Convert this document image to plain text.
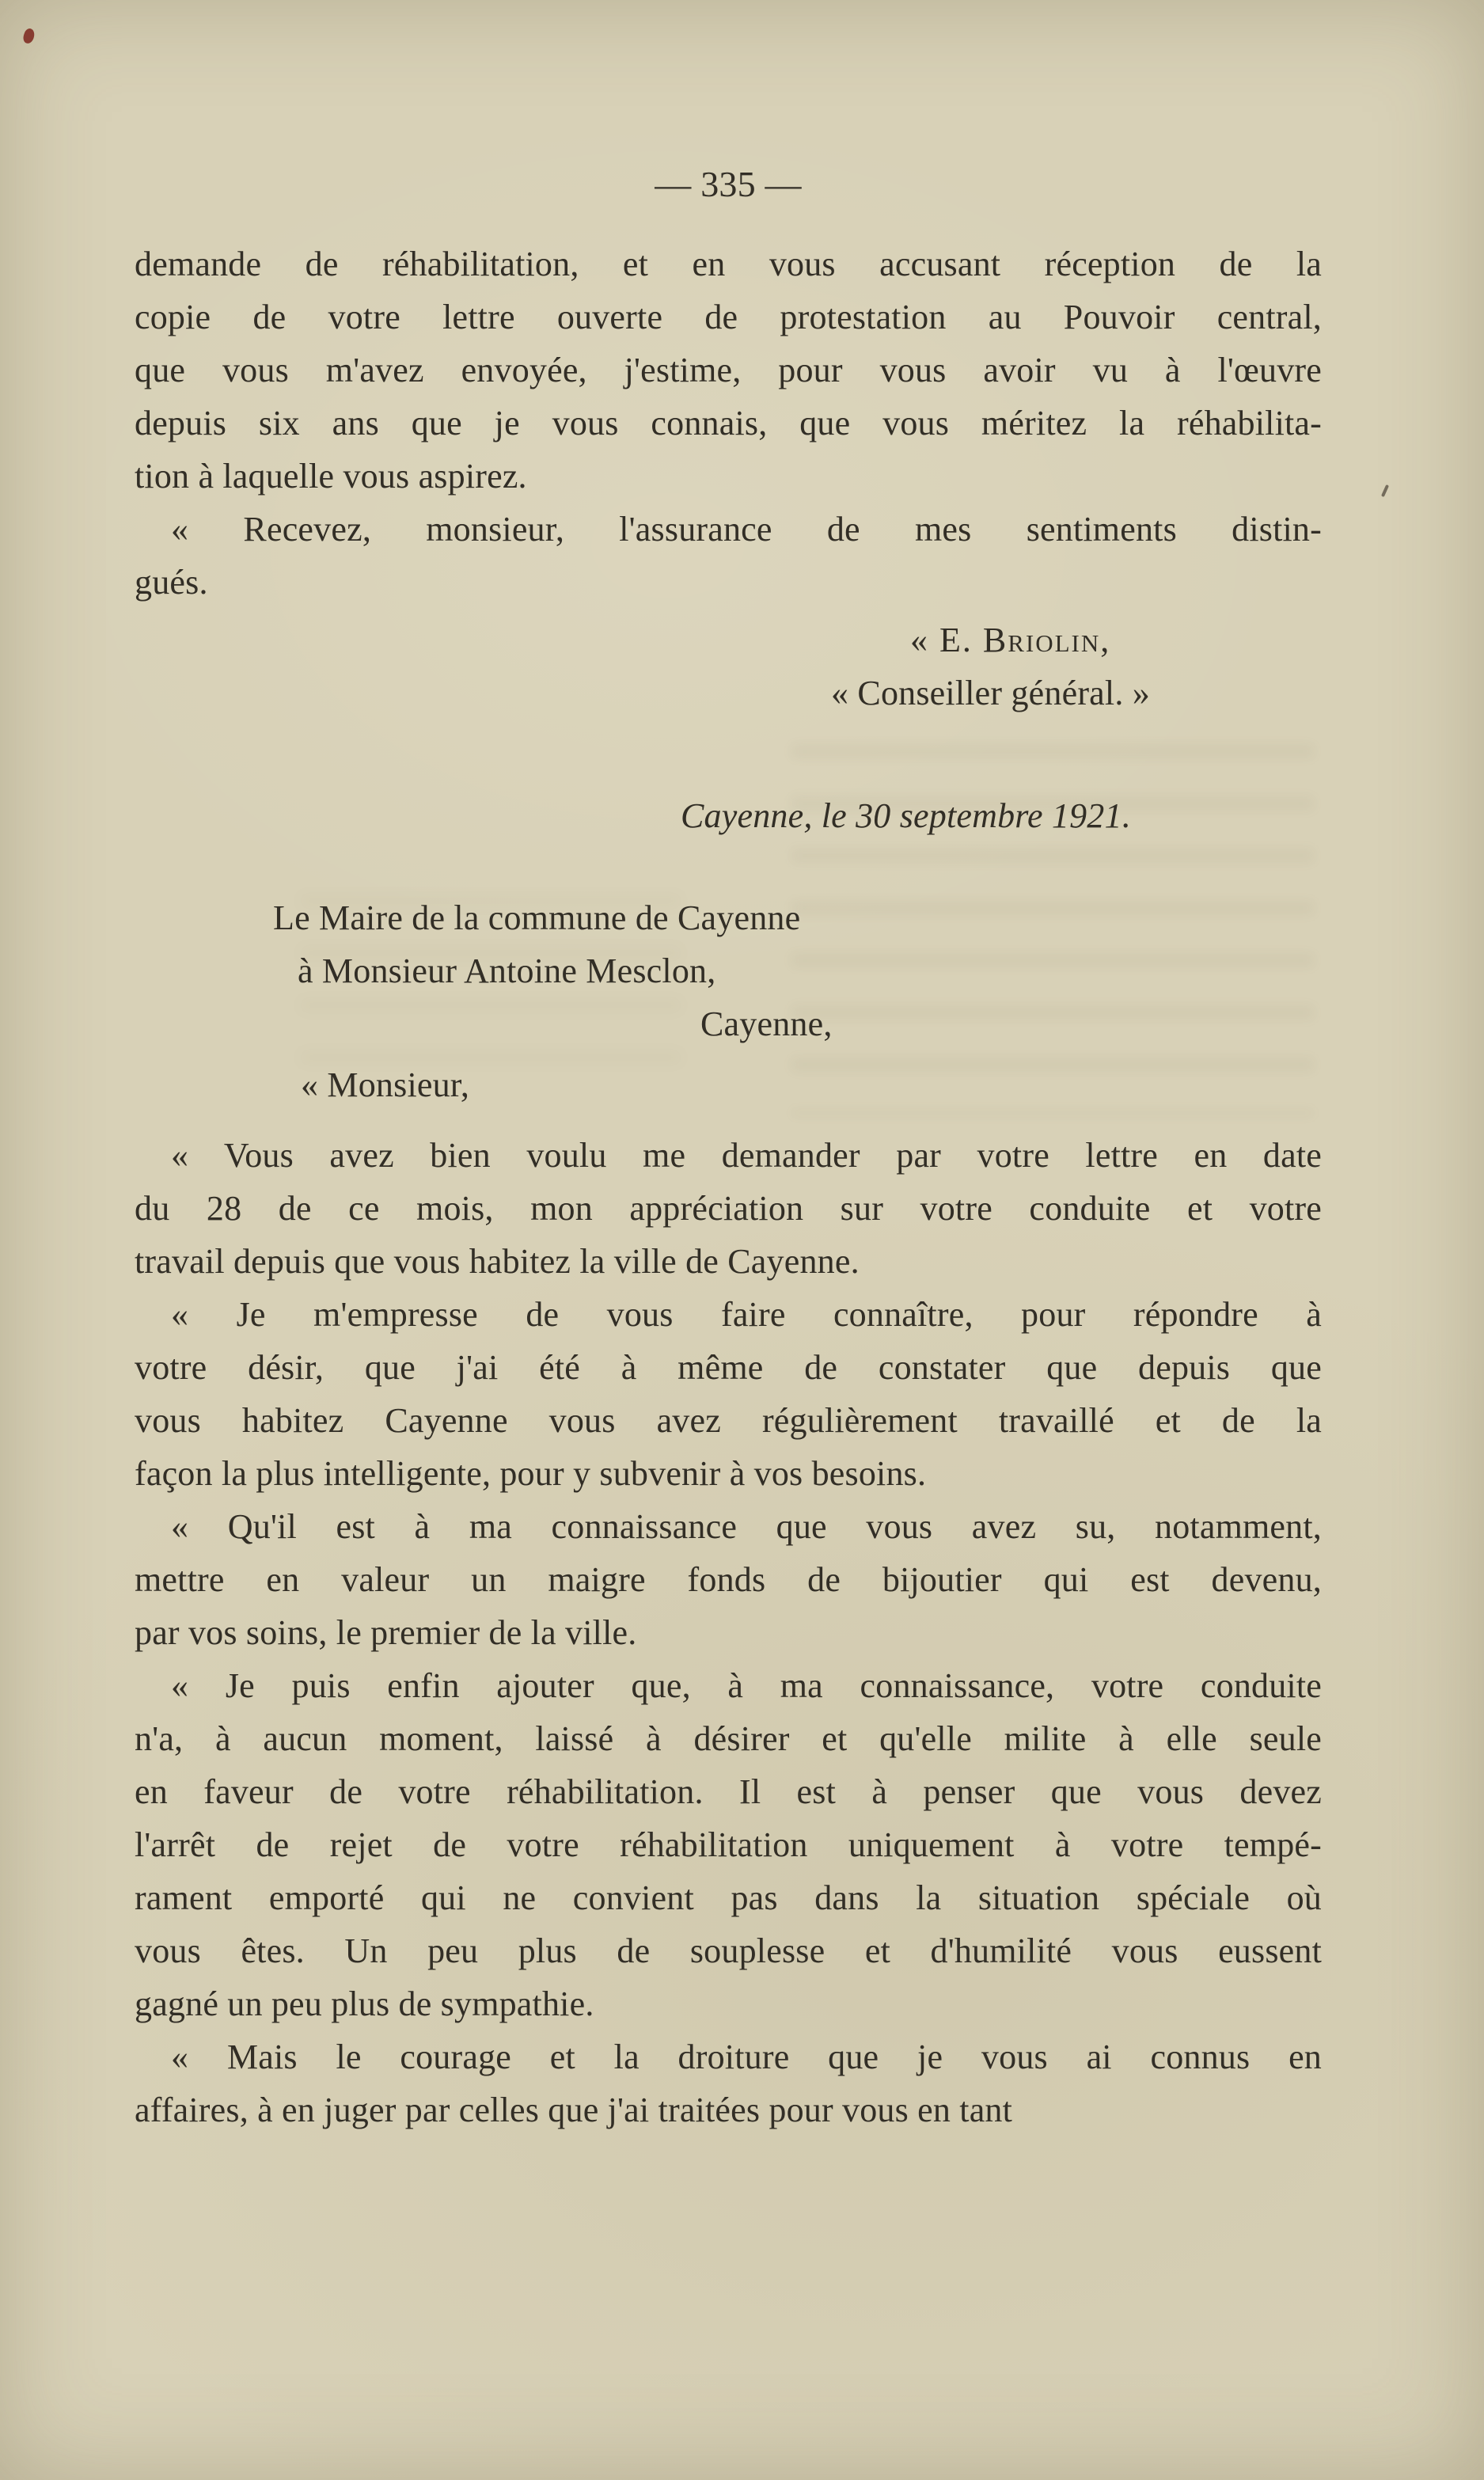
— 335 —
demande de réhabilitation, et en vous accusant réception de la
copie de votre lettre ouverte de protestation au Pouvoir central,
que vous m'avez envoyée, j'estime, pour vous avoir vu à l'œuvre
depuis six ans que je vous connais, que vous méritez la réhabilita-
tion à laquelle vous aspirez.
« Recevez, monsieur, l'assurance de mes sentiments distin-
gués.
« E. Briolin,
« Conseiller général. »
Cayenne, le 30 septembre 1921.
Le Maire de la commune de Cayenne
à Monsieur Antoine Mesclon,
Cayenne,
« Monsieur,
« Vous avez bien voulu me demander par votre lettre en date
du 28 de ce mois, mon appréciation sur votre conduite et votre
travail depuis que vous habitez la ville de Cayenne.
« Je m'empresse de vous faire connaître, pour répondre à
votre désir, que j'ai été à même de constater que depuis que
vous habitez Cayenne vous avez régulièrement travaillé et de la
façon la plus intelligente, pour y subvenir à vos besoins.
« Qu'il est à ma connaissance que vous avez su, notamment,
mettre en valeur un maigre fonds de bijoutier qui est devenu,
par vos soins, le premier de la ville.
« Je puis enfin ajouter que, à ma connaissance, votre conduite
n'a, à aucun moment, laissé à désirer et qu'elle milite à elle seule
en faveur de votre réhabilitation. Il est à penser que vous devez
l'arrêt de rejet de votre réhabilitation uniquement à votre tempé-
rament emporté qui ne convient pas dans la situation spéciale où
vous êtes. Un peu plus de souplesse et d'humilité vous eussent
gagné un peu plus de sympathie.
« Mais le courage et la droiture que je vous ai connus en
affaires, à en juger par celles que j'ai traitées pour vous en tant
